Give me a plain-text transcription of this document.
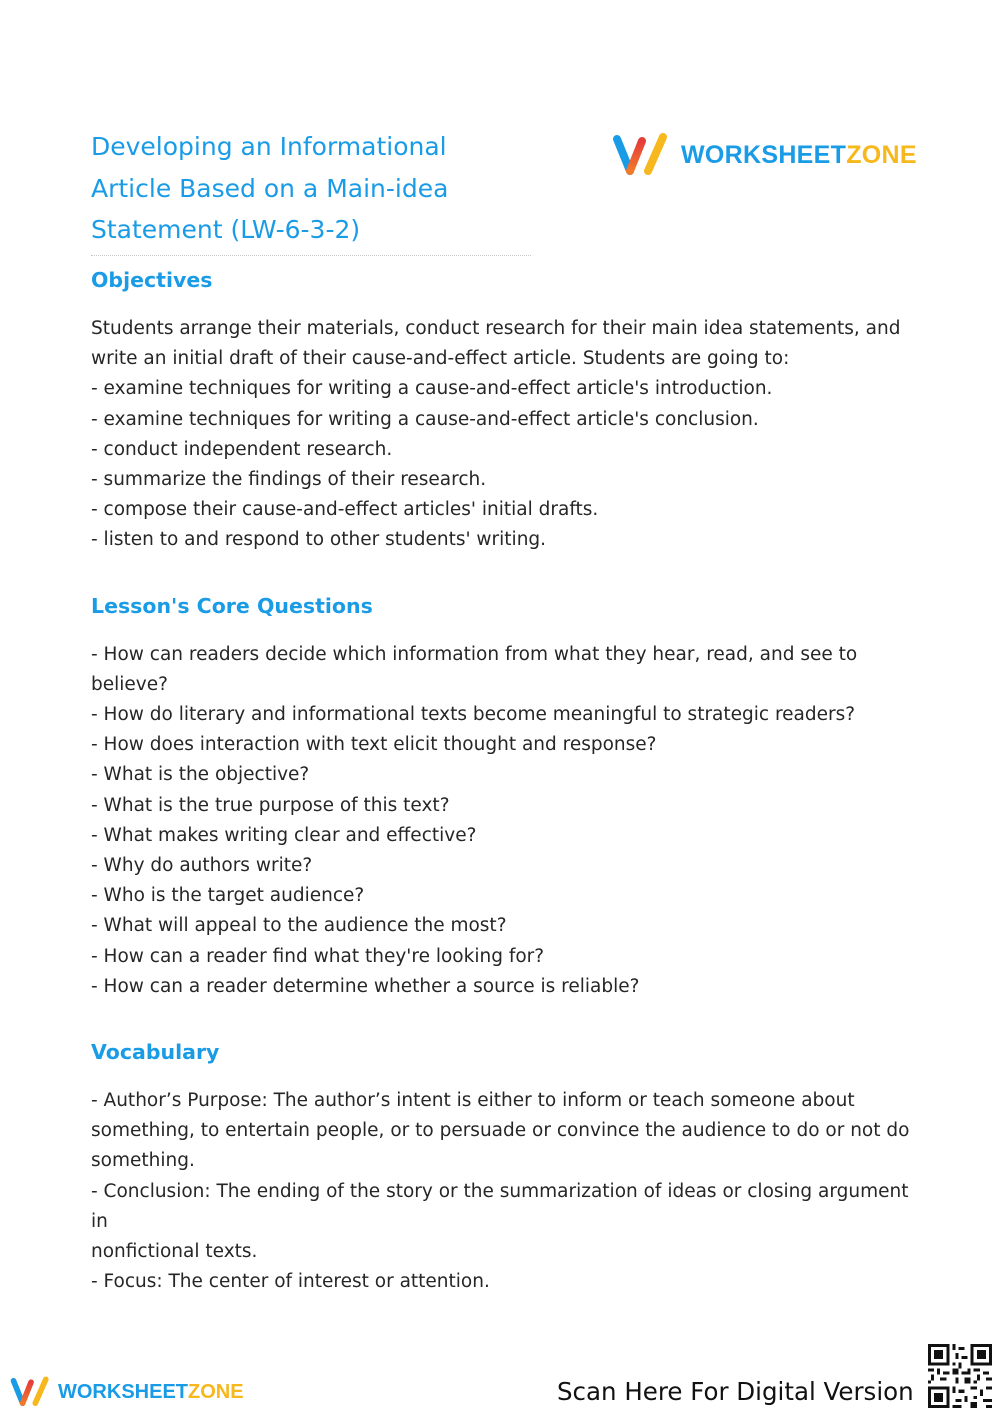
Developing an Informational Article Based on a Main-idea Statement (LW-6-3-2)
WORKSHEETZONE
Objectives
Students arrange their materials, conduct research for their main idea statements, and
write an initial draft of their cause-and-effect article. Students are going to:
- examine techniques for writing a cause-and-effect article's introduction.
- examine techniques for writing a cause-and-effect article's conclusion.
- conduct independent research.
- summarize the findings of their research.
- compose their cause-and-effect articles' initial drafts.
- listen to and respond to other students' writing.
Lesson's Core Questions
- How can readers decide which information from what they hear, read, and see to
believe?
- How do literary and informational texts become meaningful to strategic readers?
- How does interaction with text elicit thought and response?
- What is the objective?
- What is the true purpose of this text?
- What makes writing clear and effective?
- Why do authors write?
- Who is the target audience?
- What will appeal to the audience the most?
- How can a reader find what they're looking for?
- How can a reader determine whether a source is reliable?
Vocabulary
- Author’s Purpose: The author’s intent is either to inform or teach someone about
something, to entertain people, or to persuade or convince the audience to do or not do
something.
- Conclusion: The ending of the story or the summarization of ideas or closing argument in
nonfictional texts.
- Focus: The center of interest or attention.
WORKSHEETZONE	Scan Here For Digital Version
